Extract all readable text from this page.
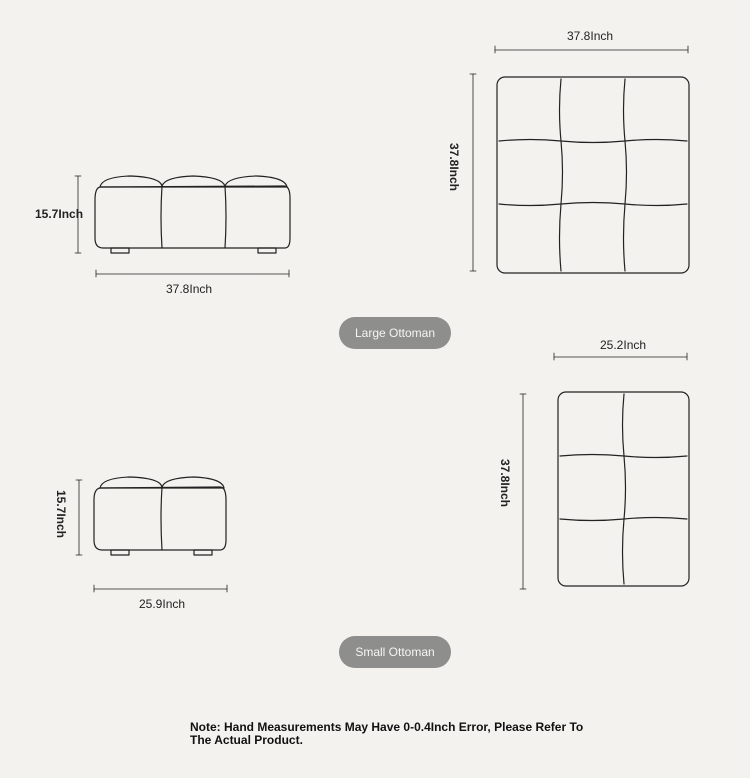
15.7Inch
37.8Inch
37.8Inch
37.8Inch
15.7Inch
25.9Inch
25.2Inch
37.8Inch
Large Ottoman
Small Ottoman
Note: Hand Measurements May Have 0-0.4Inch Error, Please Refer To The Actual Product.
